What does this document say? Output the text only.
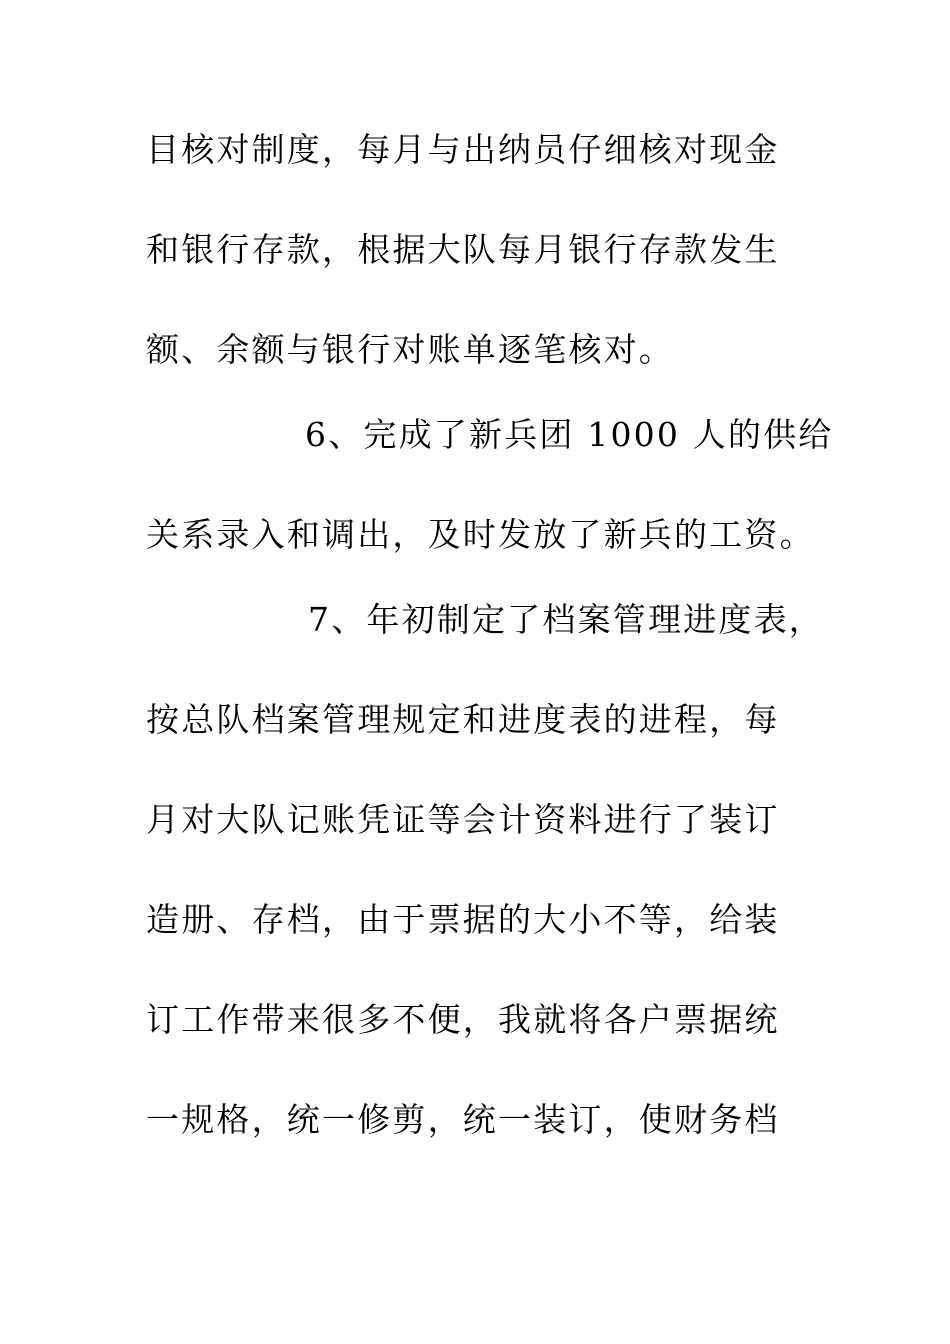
目核对制度，每月与出纳员仔细核对现金
和银行存款，根据大队每月银行存款发生
额、余额与银行对账单逐笔核对。
6、完成了新兵团 1000 人的供给
关系录入和调出，及时发放了新兵的工资。
7、年初制定了档案管理进度表，
按总队档案管理规定和进度表的进程，每
月对大队记账凭证等会计资料进行了装订
造册、存档，由于票据的大小不等，给装
订工作带来很多不便，我就将各户票据统
一规格，统一修剪，统一装订，使财务档
